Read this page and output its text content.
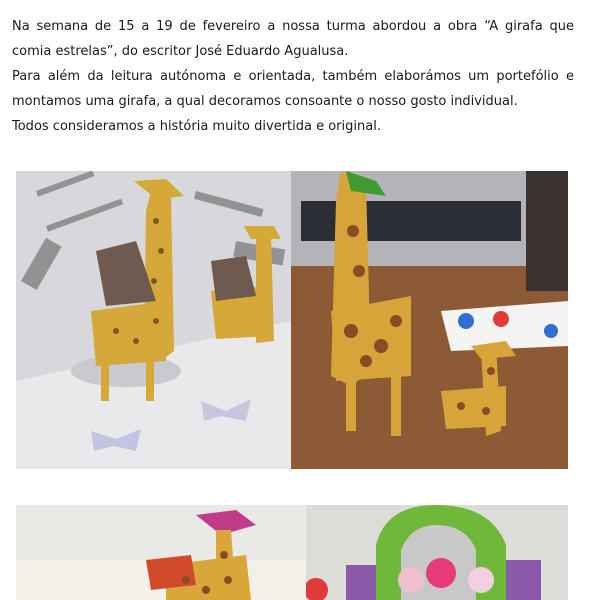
Na semana de 15 a 19 de fevereiro a nossa turma abordou a obra “A girafa que comia estrelas”, do escritor José Eduardo Agualusa.

Para além da leitura autónoma e orientada, também elaborámos um portefólio e montamos uma girafa, a qual decoramos consoante o nosso gosto individual.

Todos consideramos a história muito divertida e original.
